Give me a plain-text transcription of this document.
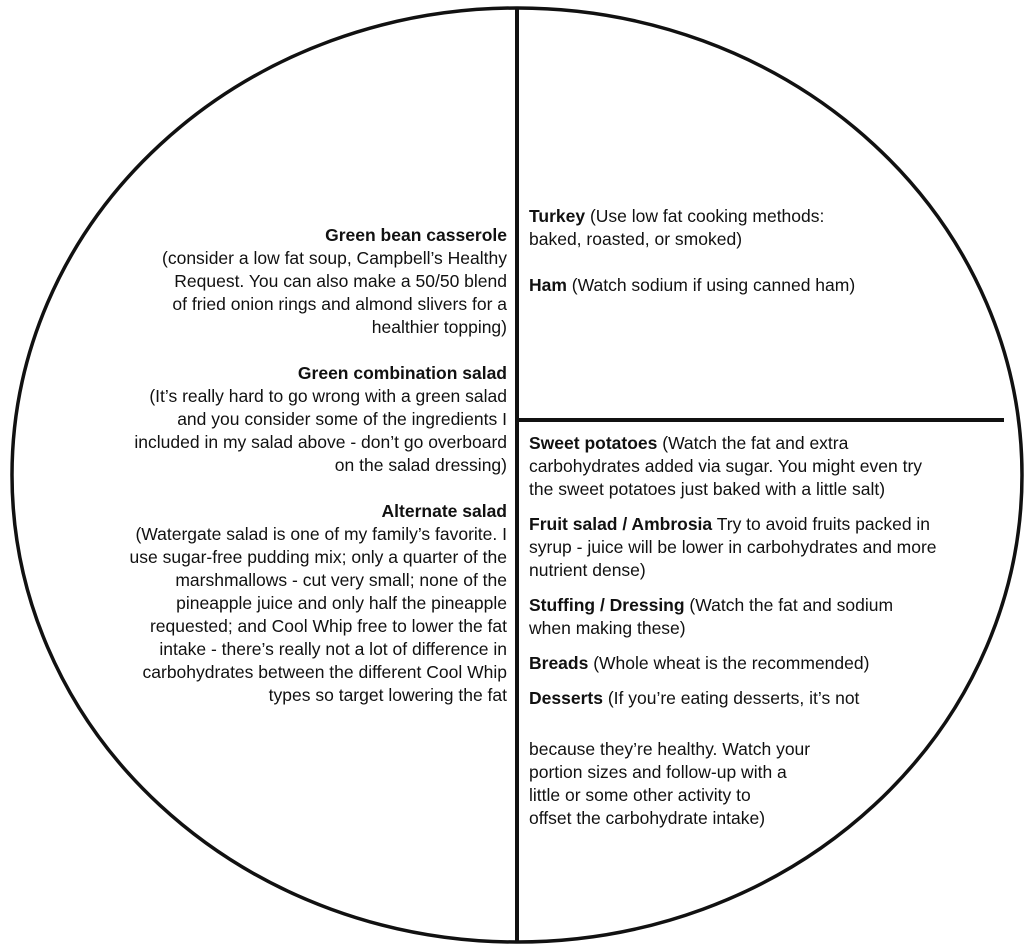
Green bean casserole
(consider a low fat soup, Campbell’s Healthy
Request. You can also make a 50/50 blend
of fried onion rings and almond slivers for a
healthier topping)
Green combination salad
(It’s really hard to go wrong with a green salad
and you consider some of the ingredients I
included in my salad above - don’t go overboard
on the salad dressing)
Alternate salad
(Watergate salad is one of my family’s favorite. I
use sugar-free pudding mix; only a quarter of the
marshmallows - cut very small; none of the
pineapple juice and only half the pineapple
requested; and Cool Whip free to lower the fat
intake - there’s really not a lot of difference in
carbohydrates between the different Cool Whip
types so target lowering the fat
Turkey (Use low fat cooking methods:
baked, roasted, or smoked)
Ham (Watch sodium if using canned ham)
Sweet potatoes (Watch the fat and extra
carbohydrates added via sugar. You might even try
the sweet potatoes just baked with a little salt)
Fruit salad / Ambrosia Try to avoid fruits packed in
syrup - juice will be lower in carbohydrates and more
nutrient dense)
Stuffing / Dressing (Watch the fat and sodium
when making these)
Breads (Whole wheat is the recommended)
Desserts (If you’re eating desserts, it’s not
because they’re healthy. Watch your
portion sizes and follow-up with a
little or some other activity to
offset the carbohydrate intake)
